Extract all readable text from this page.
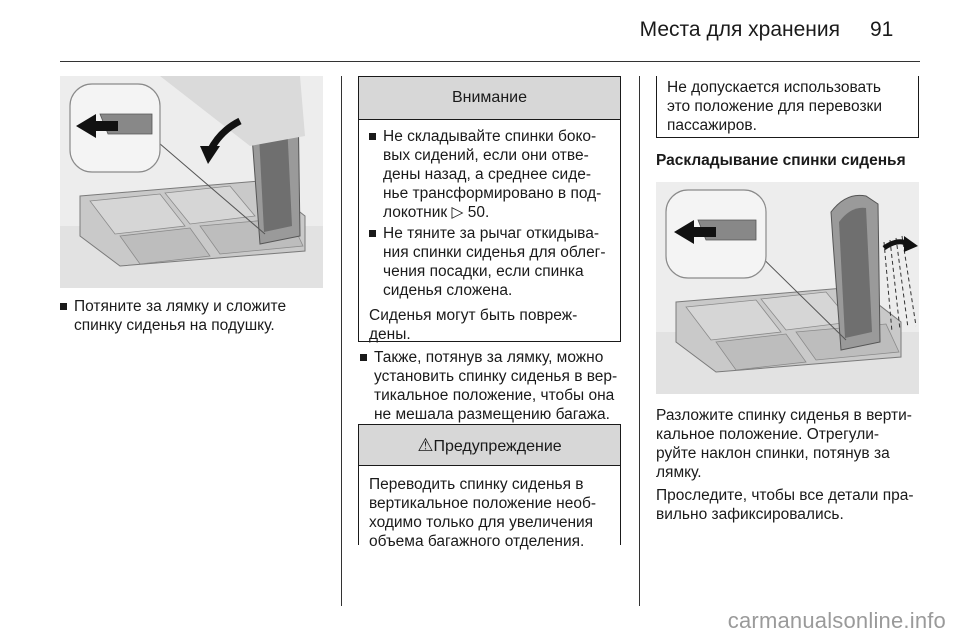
Места для хранения 91
Потяните за лямку и сложите
спинку сиденья на подушку.
Внимание
Не складывайте спинки боко-
вых сидений, если они отве-
дены назад, а среднее сиде-
нье трансформировано в под-
локотник ▷ 50.
Не тяните за рычаг откидыва-
ния спинки сиденья для облег-
чения посадки, если спинка
сиденья сложена.
Сиденья могут быть повреж-
дены.
Также, потянув за лямку, можно
установить спинку сиденья в вер-
тикальное положение, чтобы она
не мешала размещению багажа.
⚠Предупреждение
Переводить спинку сиденья в
вертикальное положение необ-
ходимо только для увеличения
объема багажного отделения.
Не допускается использовать
это положение для перевозки
пассажиров.
Раскладывание спинки сиденья
Разложите спинку сиденья в верти-
кальное положение. Отрегули-
руйте наклон спинки, потянув за
лямку.
Проследите, чтобы все детали пра-
вильно зафиксировались.
carmanualsonline.info
